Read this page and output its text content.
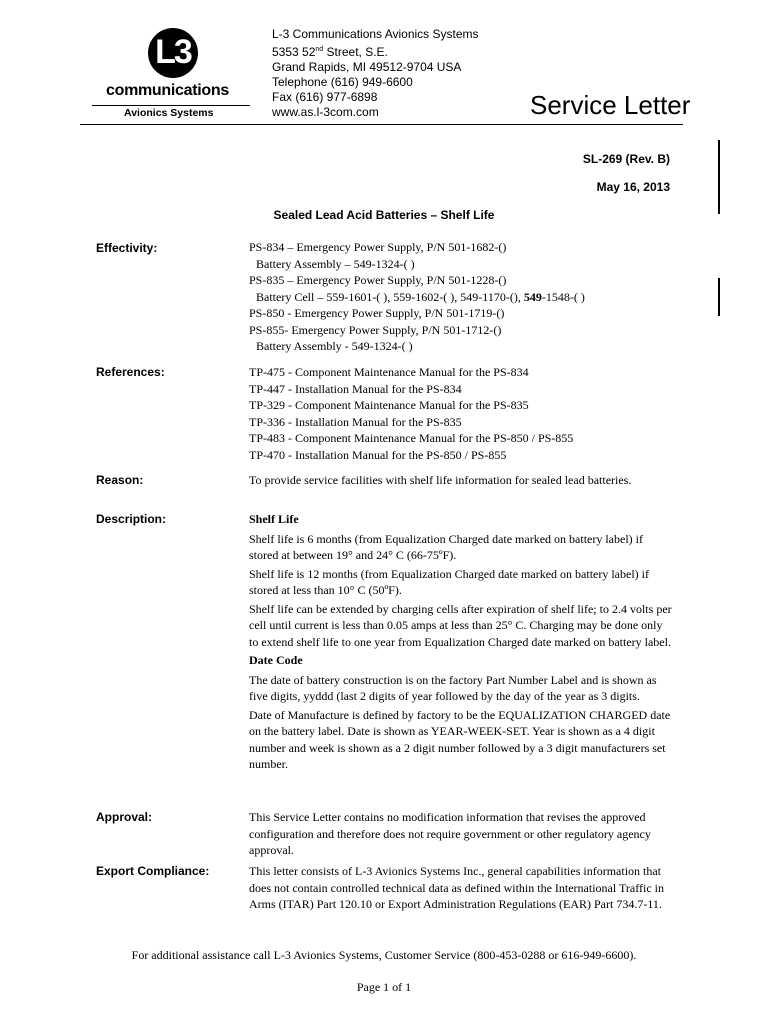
L3
communications
Avionics Systems
L-3 Communications Avionics Systems
5353 52nd Street, S.E.
Grand Rapids, MI 49512-9704 USA
Telephone (616) 949-6600
Fax (616) 977-6898
www.as.l-3com.com	Service Letter
SL-269 (Rev. B)
May 16, 2013
Sealed Lead Acid Batteries – Shelf Life
Effectivity:	PS-834 – Emergency Power Supply, P/N 501-1682-()
Battery Assembly – 549-1324-( )
PS-835 – Emergency Power Supply, P/N 501-1228-()
Battery Cell – 559-1601-( ), 559-1602-( ), 549-1170-(), 549-1548-( )
PS-850 - Emergency Power Supply, P/N 501-1719-()
PS-855- Emergency Power Supply, P/N 501-1712-()
Battery Assembly - 549-1324-( )
References:	TP-475 - Component Maintenance Manual for the PS-834
TP-447 - Installation Manual for the PS-834
TP-329 - Component Maintenance Manual for the PS-835
TP-336 - Installation Manual for the PS-835
TP-483 - Component Maintenance Manual for the PS-850 / PS-855
TP-470 - Installation Manual for the PS-850 / PS-855
Reason:	To provide service facilities with shelf life information for sealed lead batteries.
Description:	Shelf Life

Shelf life is 6 months (from Equalization Charged date marked on battery label) if stored at between 19° and 24° C (66-75ºF).

Shelf life is 12 months (from Equalization Charged date marked on battery label) if stored at less than 10° C (50ºF).

Shelf life can be extended by charging cells after expiration of shelf life; to 2.4 volts per cell until current is less than 0.05 amps at less than 25° C. Charging may be done only to extend shelf life to one year from Equalization Charged date marked on battery label.

Date Code

The date of battery construction is on the factory Part Number Label and is shown as five digits, yyddd (last 2 digits of year followed by the day of the year as 3 digits.

Date of Manufacture is defined by factory to be the EQUALIZATION CHARGED date on the battery label. Date is shown as YEAR-WEEK-SET. Year is shown as a 4 digit number and week is shown as a 2 digit number followed by a 3 digit manufacturers set number.

Approval:	This Service Letter contains no modification information that revises the approved configuration and therefore does not require government or other regulatory agency approval.
Export Compliance:	This letter consists of L-3 Avionics Systems Inc., general capabilities information that does not contain controlled technical data as defined within the International Traffic in Arms (ITAR) Part 120.10 or Export Administration Regulations (EAR) Part 734.7-11.
For additional assistance call L-3 Avionics Systems, Customer Service (800-453-0288 or 616-949-6600).
Page 1 of 1
